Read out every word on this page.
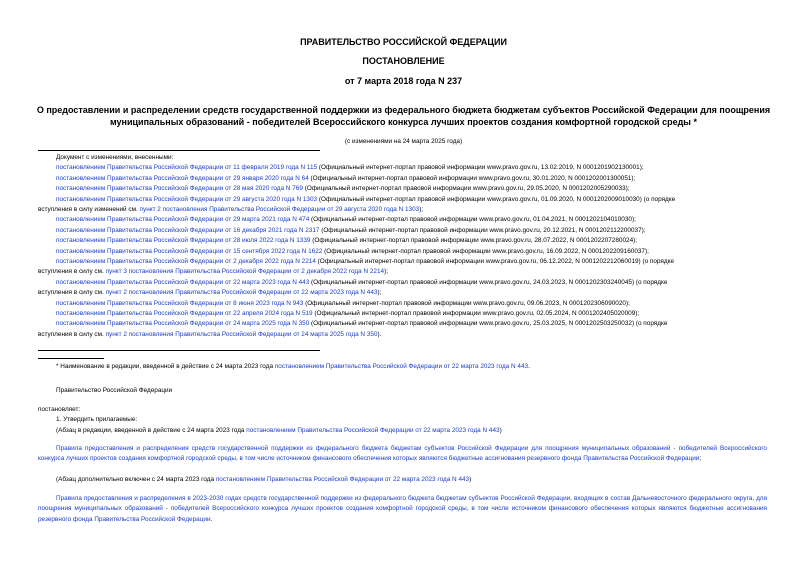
ПРАВИТЕЛЬСТВО РОССИЙСКОЙ ФЕДЕРАЦИИ
ПОСТАНОВЛЕНИЕ
от 7 марта 2018 года N 237
О предоставлении и распределении средств государственной поддержки из федерального бюджета бюджетам субъектов Российской Федерации для поощрения
муниципальных образований - победителей Всероссийского конкурса лучших проектов создания комфортной городской среды *
(с изменениями на 24 марта 2025 года)
Документ с изменениями, внесенными:
постановлением Правительства Российской Федерации от 11 февраля 2019 года N 115 (Официальный интернет-портал правовой информации www.pravo.gov.ru, 13.02.2019, N 0001201902130001);
постановлением Правительства Российской Федерации от 29 января 2020 года N 64 (Официальный интернет-портал правовой информации www.pravo.gov.ru, 30.01.2020, N 0001202001300051);
постановлением Правительства Российской Федерации от 28 мая 2020 года N 769 (Официальный интернет-портал правовой информации www.pravo.gov.ru, 29.05.2020, N 0001202005290033);
постановлением Правительства Российской Федерации от 29 августа 2020 года N 1303 (Официальный интернет-портал правовой информации www.pravo.gov.ru, 01.09.2020, N 0001202009010030) (о порядке
вступления в силу изменений см. пункт 2 постановления Правительства Российской Федерации от 29 августа 2020 года N 1303);
постановлением Правительства Российской Федерации от 29 марта 2021 года N 474 (Официальный интернет-портал правовой информации www.pravo.gov.ru, 01.04.2021, N 0001202104010030);
постановлением Правительства Российской Федерации от 16 декабря 2021 года N 2317 (Официальный интернет-портал правовой информации www.pravo.gov.ru, 20.12.2021, N 0001202112200037);
постановлением Правительства Российской Федерации от 28 июля 2022 года N 1339 (Официальный интернет-портал правовой информации www.pravo.gov.ru, 28.07.2022, N 0001202207280024);
постановлением Правительства Российской Федерации от 15 сентября 2022 года N 1622 (Официальный интернет-портал правовой информации www.pravo.gov.ru, 16.09.2022, N 0001202209160037);
постановлением Правительства Российской Федерации от 2 декабря 2022 года N 2214 (Официальный интернет-портал правовой информации www.pravo.gov.ru, 06.12.2022, N 0001202212060019) (о порядке
вступления в силу см. пункт 3 постановления Правительства Российской Федерации от 2 декабря 2022 года N 2214);
постановлением Правительства Российской Федерации от 22 марта 2023 года N 443 (Официальный интернет-портал правовой информации www.pravo.gov.ru, 24.03.2023, N 0001202303240045) (о порядке
вступления в силу см. пункт 2 постановления Правительства Российской Федерации от 22 марта 2023 года N 443);
постановлением Правительства Российской Федерации от 8 июня 2023 года N 943 (Официальный интернет-портал правовой информации www.pravo.gov.ru, 09.06.2023, N 0001202306090020);
постановлением Правительства Российской Федерации от 22 апреля 2024 года N 519 (Официальный интернет-портал правовой информации www.pravo.gov.ru, 02.05.2024, N 0001202405020009);
постановлением Правительства Российской Федерации от 24 марта 2025 года N 350 (Официальный интернет-портал правовой информации www.pravo.gov.ru, 25.03.2025, N 0001202503250032) (о порядке
вступления в силу см. пункт 2 постановления Правительства Российской Федерации от 24 марта 2025 года N 350).
* Наименование в редакции, введенной в действие с 24 марта 2023 года постановлением Правительства Российской Федерации от 22 марта 2023 года N 443.
Правительство Российской Федерации
постановляет:
1. Утвердить прилагаемые:
(Абзац в редакции, введенной в действие с 24 марта 2023 года постановлением Правительства Российской Федерации от 22 марта 2023 года N 443)
Правила предоставления и распределения средств государственной поддержки из федерального бюджета бюджетам субъектов Российской Федерации для поощрения муниципальных образований - победителей Всероссийского конкурса лучших проектов создания комфортной городской среды, в том числе источником финансового обеспечения которых являются бюджетные ассигнования резервного фонда Правительства Российской Федерации;
(Абзац дополнительно включен с 24 марта 2023 года постановлением Правительства Российской Федерации от 22 марта 2023 года N 443)
Правила предоставления и распределения в 2023-2030 годах средств государственной поддержки из федерального бюджета бюджетам субъектов Российской Федерации, входящих в состав Дальневосточного федерального округа, для поощрения муниципальных образований - победителей Всероссийского конкурса лучших проектов создания комфортной городской среды, в том числе источником финансового обеспечения которых являются бюджетные ассигнования резервного фонда Правительства Российской Федерации.
